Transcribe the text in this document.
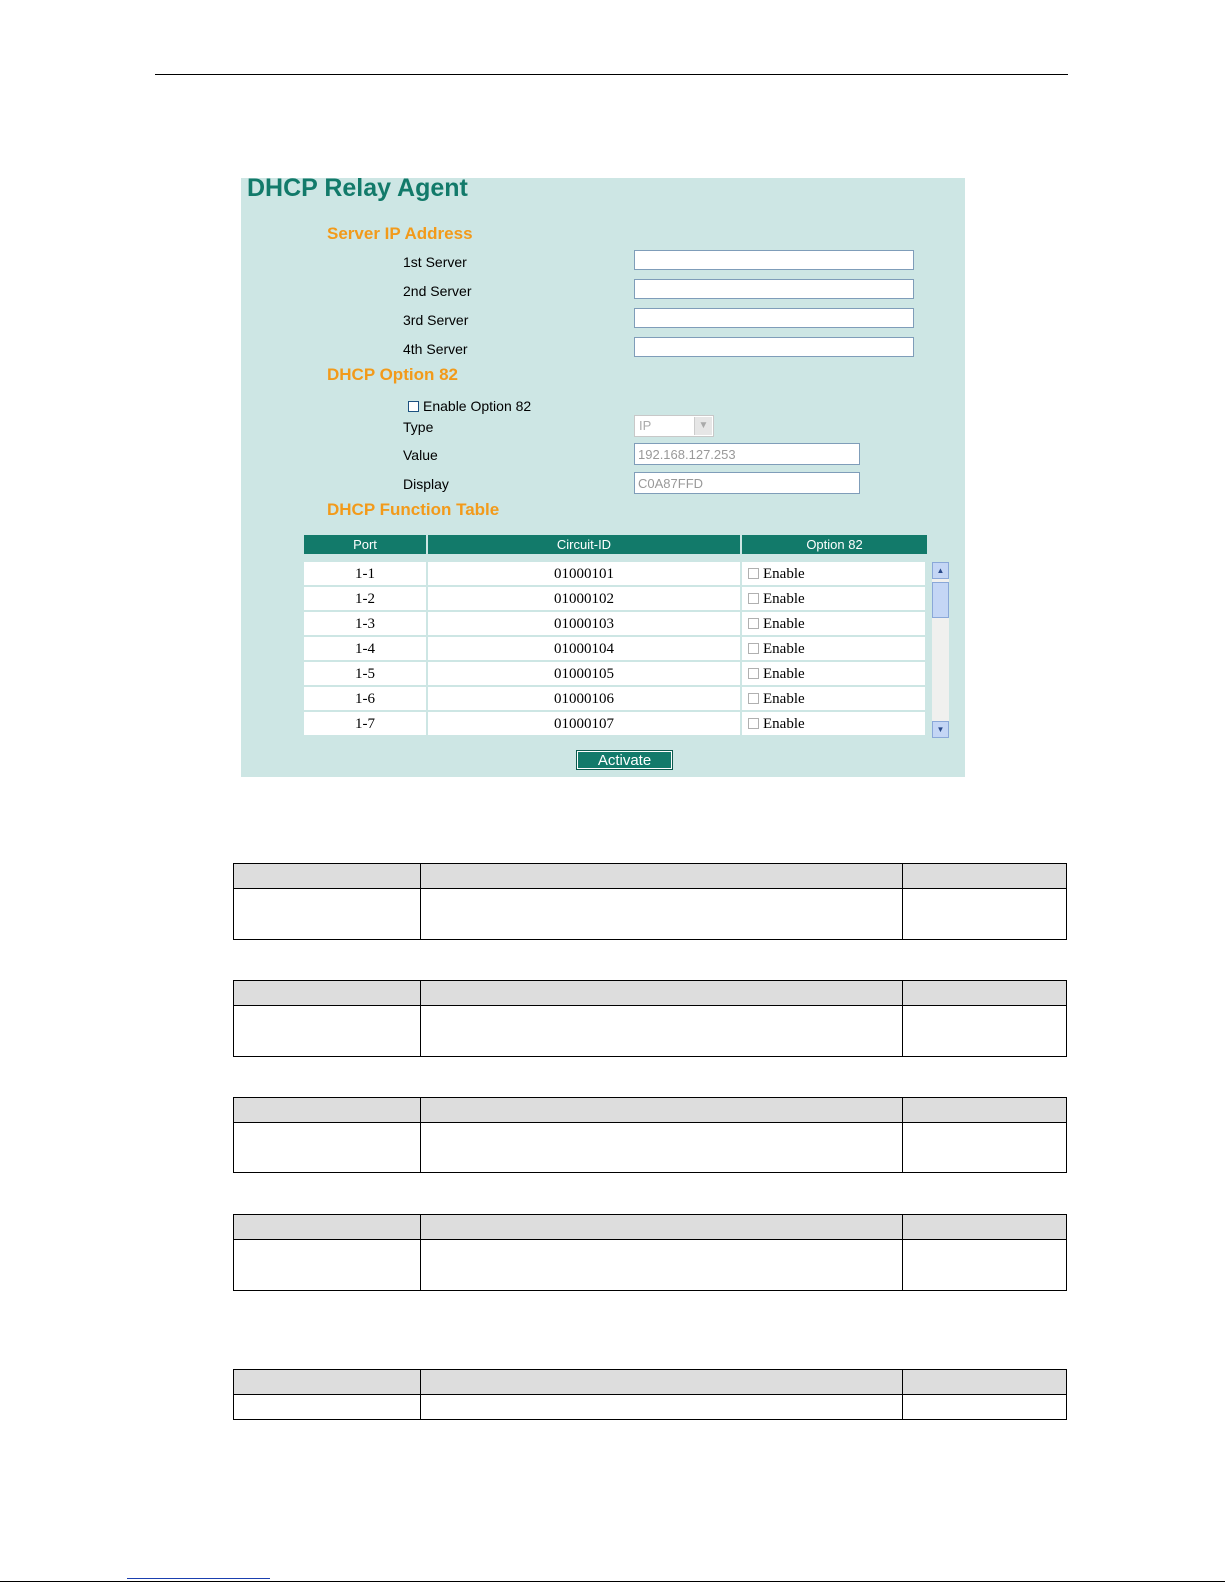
DHCP Relay Agent
Server IP Address
1st Server
2nd Server
3rd Server
4th Server
DHCP Option 82
Enable Option 82
Type	IP	▼
Value	192.168.127.253
Display	C0A87FFD
DHCP Function Table
Port	Circuit-ID	Option 82
1-1	01000101	Enable
1-2	01000102	Enable
1-3	01000103	Enable
1-4	01000104	Enable
1-5	01000105	Enable
1-6	01000106	Enable
1-7	01000107	Enable
▲
▼
Activate
